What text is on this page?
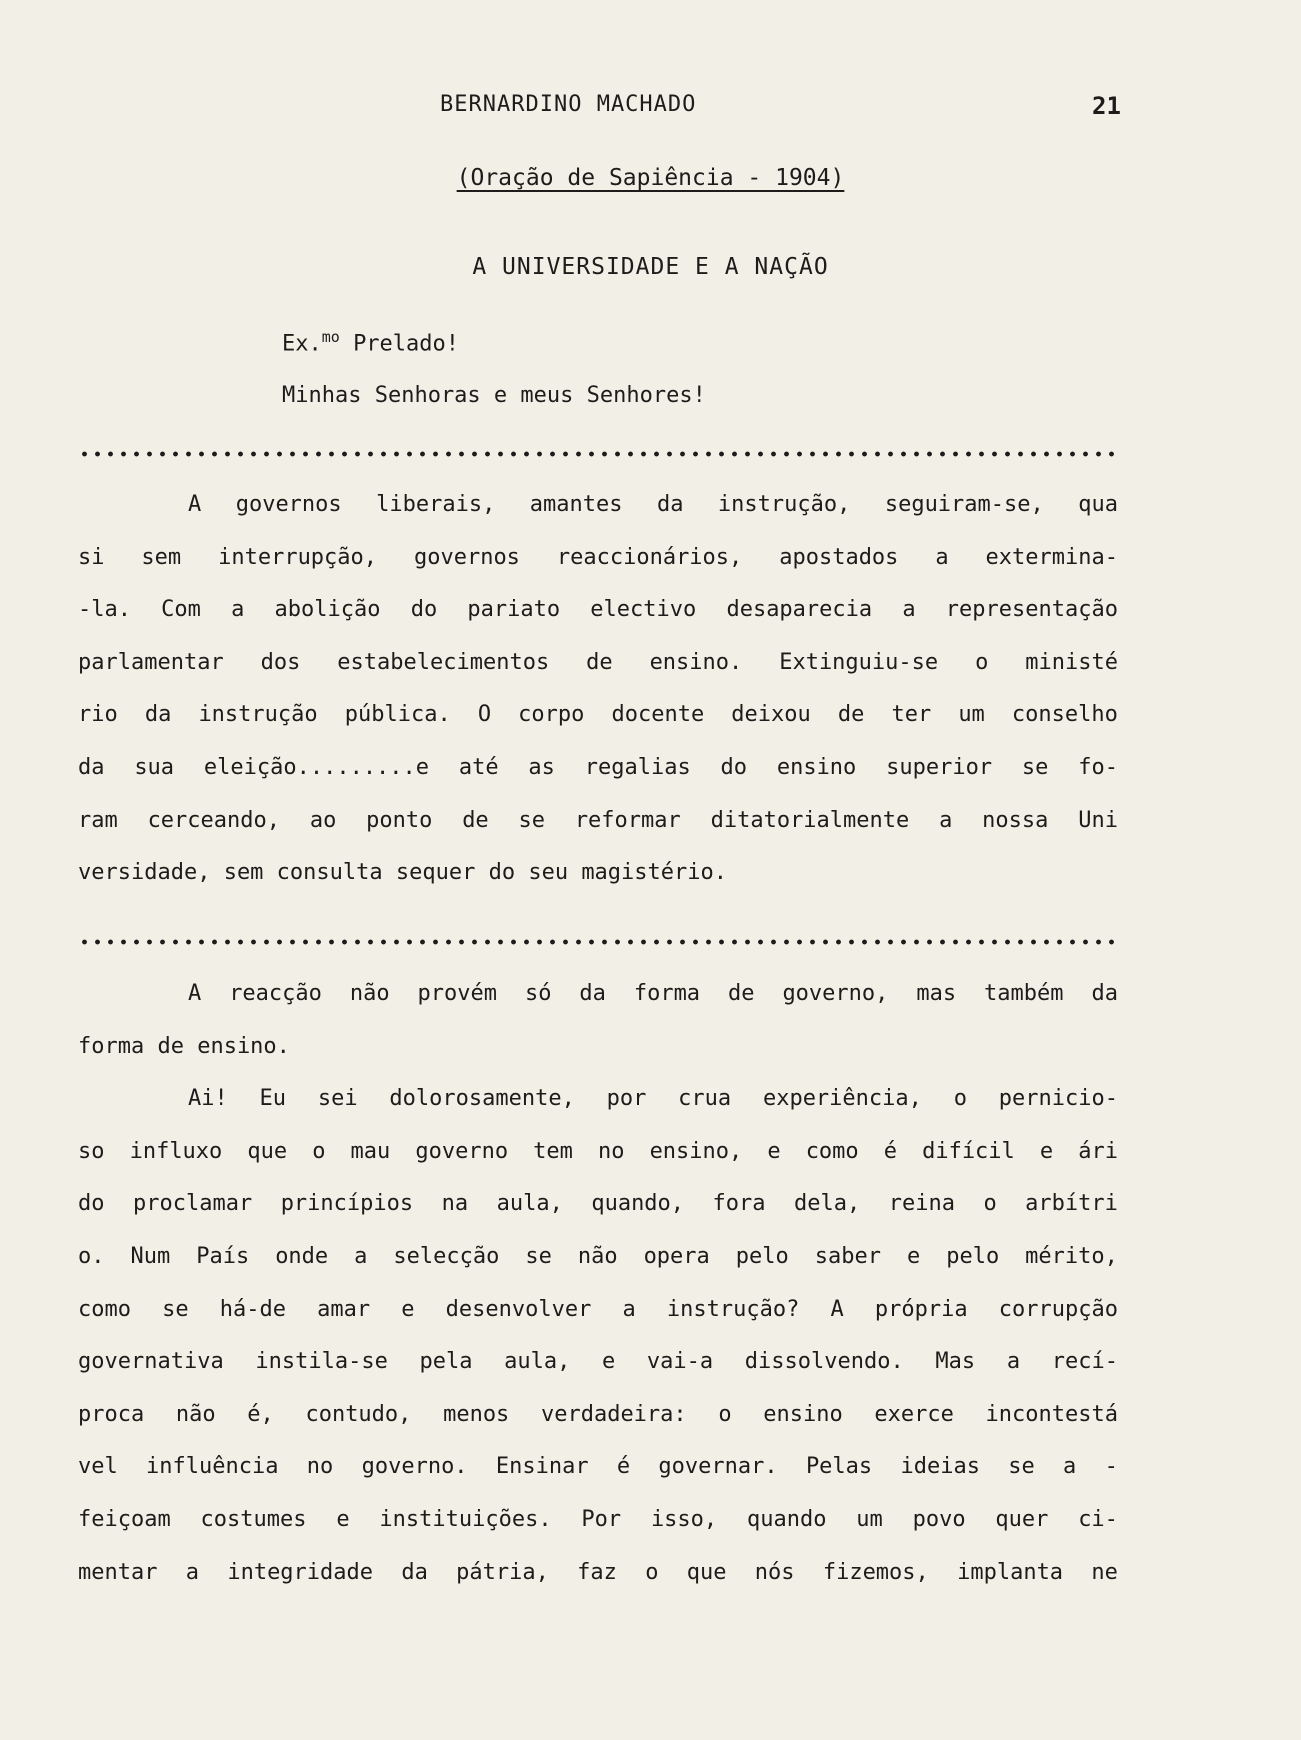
BERNARDINO MACHADO	21
(Oração de Sapiência - 1904)
A UNIVERSIDADE E A NAÇÃO
Ex.$^{mo}$ Prelado!
Minhas Senhoras e meus Senhores!
A governos liberais, amantes da instrução, seguiram-se, qua
si sem interrupção, governos reaccionários, apostados a extermina-
-la. Com a abolição do pariato electivo desaparecia a representação
parlamentar dos estabelecimentos de ensino. Extinguiu-se o ministé
rio da instrução pública. O corpo docente deixou de ter um conselho
da sua eleição.........e até as regalias do ensino superior se fo-
ram cerceando, ao ponto de se reformar ditatorialmente a nossa Uni
versidade, sem consulta sequer do seu magistério.
A reacção não provém só da forma de governo, mas também da
forma de ensino.
Ai! Eu sei dolorosamente, por crua experiência, o pernicio-
so influxo que o mau governo tem no ensino, e como é difícil e ári
do proclamar princípios na aula, quando, fora dela, reina o arbítri
o. Num País onde a selecção se não opera pelo saber e pelo mérito,
como se há-de amar e desenvolver a instrução? A própria corrupção
governativa instila-se pela aula, e vai-a dissolvendo. Mas a recí-
proca não é, contudo, menos verdadeira: o ensino exerce incontestá
vel influência no governo. Ensinar é governar. Pelas ideias se a -
feiçoam costumes e instituições. Por isso, quando um povo quer ci-
mentar a integridade da pátria, faz o que nós fizemos, implanta ne
